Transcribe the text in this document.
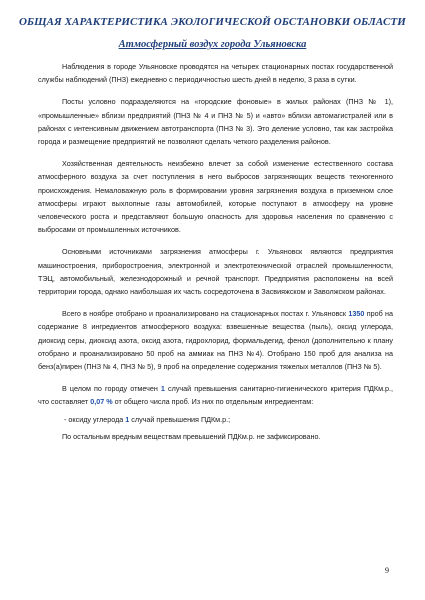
ОБЩАЯ ХАРАКТЕРИСТИКА ЭКОЛОГИЧЕСКОЙ ОБСТАНОВКИ ОБЛАСТИ
Атмосферный воздух города Ульяновска

Наблюдения в городе Ульяновске проводятся на четырех стационарных постах государственной службы наблюдений (ПНЗ) ежедневно с периодичностью шесть дней в неделю, 3 раза в сутки.

Посты условно подразделяются на «городские фоновые» в жилых районах (ПНЗ № 1), «промышленные» вблизи предприятий (ПНЗ № 4 и ПНЗ № 5) и «авто» вблизи автомагистралей или в районах с интенсивным движением автотранспорта (ПНЗ № 3). Это деление условно, так как застройка города и размещение предприятий не позволяют сделать четкого разделения районов.

Хозяйственная деятельность неизбежно влечет за собой изменение естественного состава атмосферного воздуха за счет поступления в него выбросов загрязняющих веществ техногенного происхождения. Немаловажную роль в формировании уровня загрязнения воздуха в приземном слое атмосферы играют выхлопные газы автомобилей, которые поступают в атмосферу на уровне человеческого роста и представляют большую опасность для здоровья населения по сравнению с выбросами от промышленных источников.

Основными источниками загрязнения атмосферы г. Ульяновск являются предприятия машиностроения, приборостроения, электронной и электротехнической отраслей промышленности, ТЭЦ, автомобильный, железнодорожный и речной транспорт. Предприятия расположены на всей территории города, однако наибольшая их часть сосредоточена в Засвияжском и Заволжском районах.

Всего в ноябре отобрано и проанализировано на стационарных постах г. Ульяновск 1350 проб на содержание 8 ингредиентов атмосферного воздуха: взвешенные вещества (пыль), оксид углерода, диоксид серы, диоксид азота, оксид азота, гидрохлорид, формальдегид, фенол (дополнительно к плану отобрано и проанализировано 50 проб на аммиак на ПНЗ №4). Отобрано 150 проб для анализа на бенз(а)пирен (ПНЗ № 4, ПНЗ № 5), 9 проб на определение содержания тяжелых металлов (ПНЗ № 5).

В целом по городу отмечен 1 случай превышения санитарно-гигиенического критерия ПДКм.р., что составляет 0,07 % от общего числа проб. Из них по отдельным ингредиентам:

- оксиду углерода 1 случай превышения ПДКм.р.;

По остальным вредным веществам превышений ПДКм.р. не зафиксировано.

9
